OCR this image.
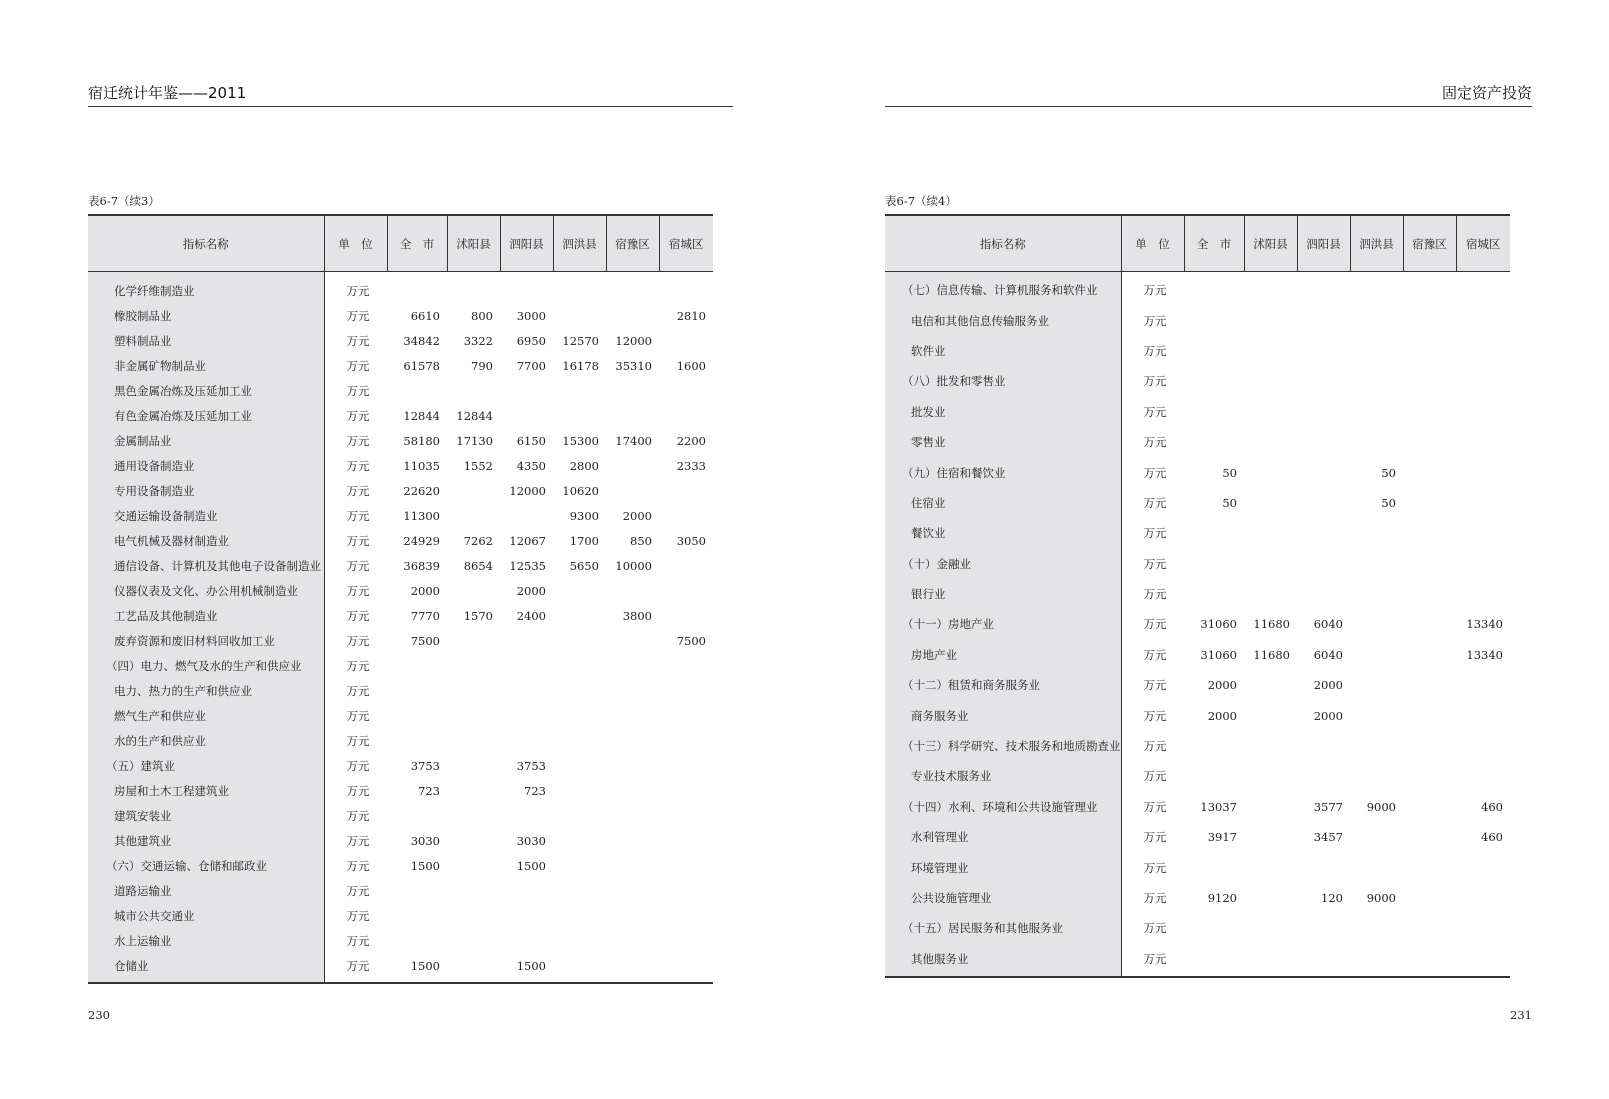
宿迁统计年鉴——2011
表6-7（续3）
指标名称	单　位	全　市	沭阳县	泗阳县	泗洪县	宿豫区	宿城区
化学纤维制造业	万元						
橡胶制品业	万元	6610	800	3000			2810
塑料制品业	万元	34842	3322	6950	12570	12000	
非金属矿物制品业	万元	61578	790	7700	16178	35310	1600
黑色金属冶炼及压延加工业	万元						
有色金属冶炼及压延加工业	万元	12844	12844				
金属制品业	万元	58180	17130	6150	15300	17400	2200
通用设备制造业	万元	11035	1552	4350	2800		2333
专用设备制造业	万元	22620		12000	10620		
交通运输设备制造业	万元	11300			9300	2000	
电气机械及器材制造业	万元	24929	7262	12067	1700	850	3050
通信设备、计算机及其他电子设备制造业	万元	36839	8654	12535	5650	10000	
仪器仪表及文化、办公用机械制造业	万元	2000		2000			
工艺品及其他制造业	万元	7770	1570	2400		3800	
废弃资源和废旧材料回收加工业	万元	7500					7500
（四）电力、燃气及水的生产和供应业	万元						
电力、热力的生产和供应业	万元						
燃气生产和供应业	万元						
水的生产和供应业	万元						
（五）建筑业	万元	3753		3753			
房屋和土木工程建筑业	万元	723		723			
建筑安装业	万元						
其他建筑业	万元	3030		3030			
（六）交通运输、仓储和邮政业	万元	1500		1500			
道路运输业	万元						
城市公共交通业	万元						
水上运输业	万元						
仓储业	万元	1500		1500			
230
固定资产投资
表6-7（续4）
指标名称	单　位	全　市	沭阳县	泗阳县	泗洪县	宿豫区	宿城区
（七）信息传输、计算机服务和软件业	万元						
电信和其他信息传输服务业	万元						
软件业	万元						
（八）批发和零售业	万元						
批发业	万元						
零售业	万元						
（九）住宿和餐饮业	万元	50			50		
住宿业	万元	50			50		
餐饮业	万元						
（十）金融业	万元						
银行业	万元						
（十一）房地产业	万元	31060	11680	6040			13340
房地产业	万元	31060	11680	6040			13340
（十二）租赁和商务服务业	万元	2000		2000			
商务服务业	万元	2000		2000			
（十三）科学研究、技术服务和地质勘查业	万元						
专业技术服务业	万元						
（十四）水利、环境和公共设施管理业	万元	13037		3577	9000		460
水利管理业	万元	3917		3457			460
环境管理业	万元						
公共设施管理业	万元	9120		120	9000		
（十五）居民服务和其他服务业	万元						
其他服务业	万元						
231
